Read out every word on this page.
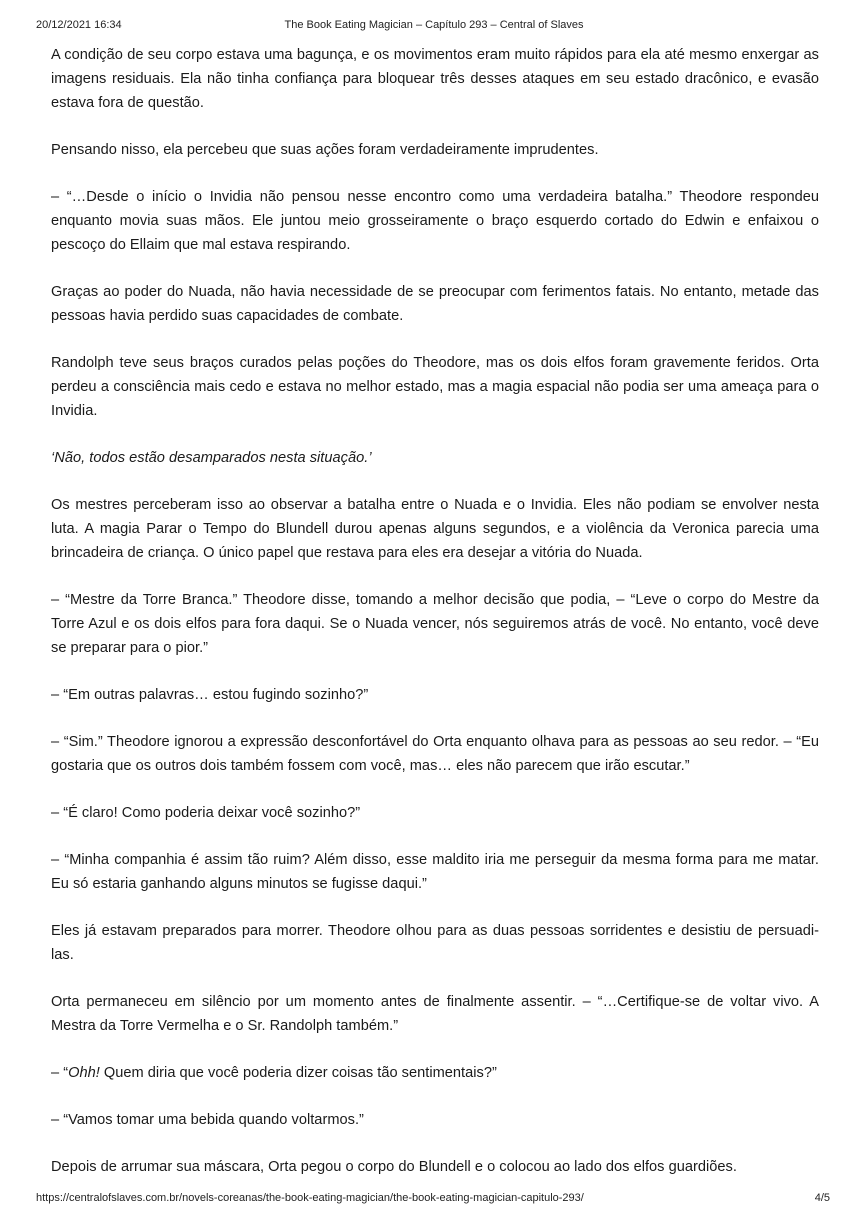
20/12/2021 16:34	The Book Eating Magician – Capítulo 293 – Central of Slaves

A condição de seu corpo estava uma bagunça, e os movimentos eram muito rápidos para ela até mesmo enxergar as imagens residuais. Ela não tinha confiança para bloquear três desses ataques em seu estado dracônico, e evasão estava fora de questão.

Pensando nisso, ela percebeu que suas ações foram verdadeiramente imprudentes.

– “…Desde o início o Invidia não pensou nesse encontro como uma verdadeira batalha.” Theodore respondeu enquanto movia suas mãos. Ele juntou meio grosseiramente o braço esquerdo cortado do Edwin e enfaixou o pescoço do Ellaim que mal estava respirando.

Graças ao poder do Nuada, não havia necessidade de se preocupar com ferimentos fatais. No entanto, metade das pessoas havia perdido suas capacidades de combate.

Randolph teve seus braços curados pelas poções do Theodore, mas os dois elfos foram gravemente feridos. Orta perdeu a consciência mais cedo e estava no melhor estado, mas a magia espacial não podia ser uma ameaça para o Invidia.

‘Não, todos estão desamparados nesta situação.’

Os mestres perceberam isso ao observar a batalha entre o Nuada e o Invidia. Eles não podiam se envolver nesta luta. A magia Parar o Tempo do Blundell durou apenas alguns segundos, e a violência da Veronica parecia uma brincadeira de criança. O único papel que restava para eles era desejar a vitória do Nuada.

– “Mestre da Torre Branca.” Theodore disse, tomando a melhor decisão que podia, – “Leve o corpo do Mestre da Torre Azul e os dois elfos para fora daqui. Se o Nuada vencer, nós seguiremos atrás de você. No entanto, você deve se preparar para o pior.”

– “Em outras palavras… estou fugindo sozinho?”

– “Sim.” Theodore ignorou a expressão desconfortável do Orta enquanto olhava para as pessoas ao seu redor. – “Eu gostaria que os outros dois também fossem com você, mas… eles não parecem que irão escutar.”

– “É claro! Como poderia deixar você sozinho?”

– “Minha companhia é assim tão ruim? Além disso, esse maldito iria me perseguir da mesma forma para me matar. Eu só estaria ganhando alguns minutos se fugisse daqui.”

Eles já estavam preparados para morrer. Theodore olhou para as duas pessoas sorridentes e desistiu de persuadi-las.

Orta permaneceu em silêncio por um momento antes de finalmente assentir. – “…Certifique-se de voltar vivo. A Mestra da Torre Vermelha e o Sr. Randolph também.”

– “Ohh! Quem diria que você poderia dizer coisas tão sentimentais?”

– “Vamos tomar uma bebida quando voltarmos.”

Depois de arrumar sua máscara, Orta pegou o corpo do Blundell e o colocou ao lado dos elfos guardiões.

https://centralofslaves.com.br/novels-coreanas/the-book-eating-magician/the-book-eating-magician-capitulo-293/	4/5
